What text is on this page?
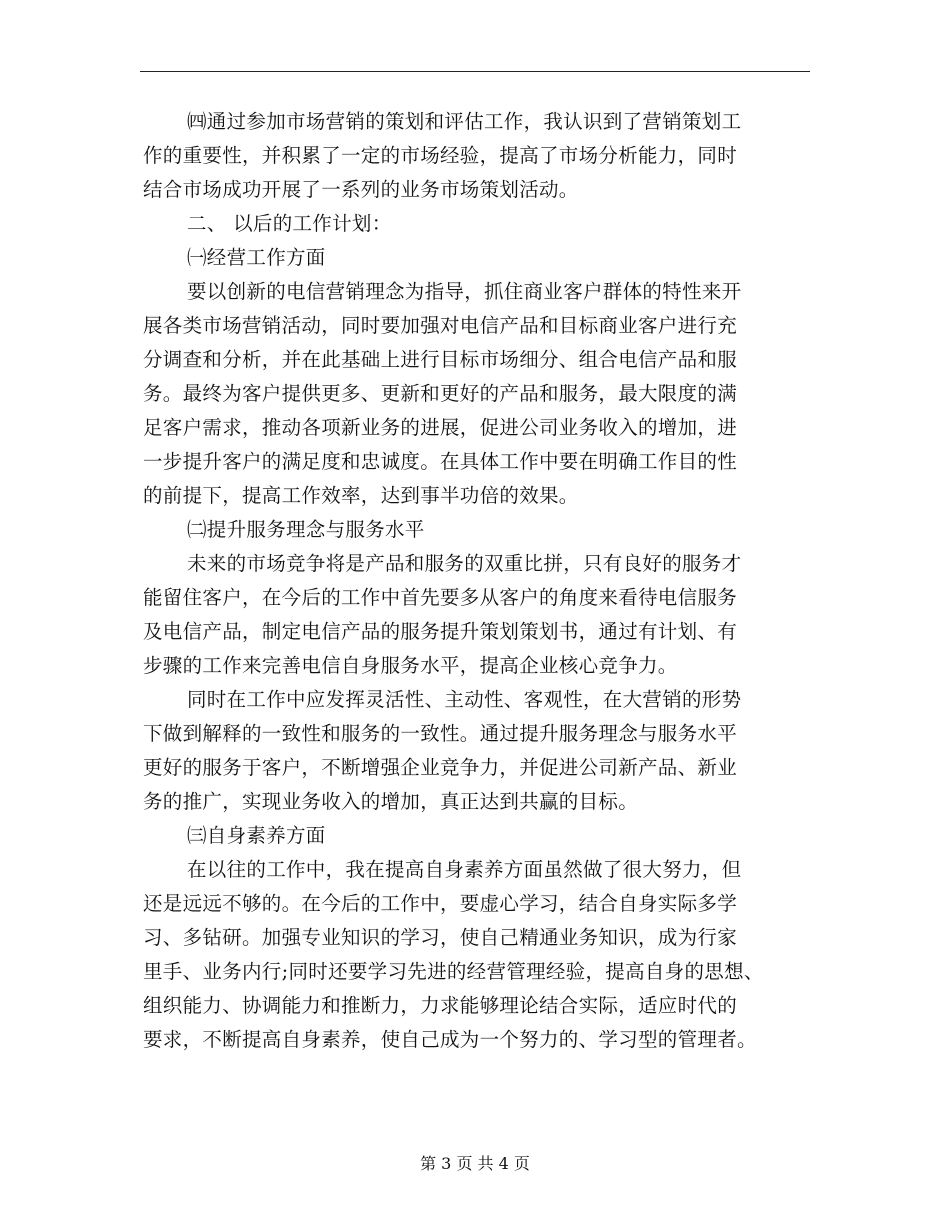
㈣通过参加市场营销的策划和评估工作，我认识到了营销策划工
作的重要性，并积累了一定的市场经验，提高了市场分析能力，同时
结合市场成功开展了一系列的业务市场策划活动。
二、 以后的工作计划：
㈠经营工作方面
要以创新的电信营销理念为指导，抓住商业客户群体的特性来开
展各类市场营销活动，同时要加强对电信产品和目标商业客户进行充
分调查和分析，并在此基础上进行目标市场细分、组合电信产品和服
务。最终为客户提供更多、更新和更好的产品和服务，最大限度的满
足客户需求，推动各项新业务的进展，促进公司业务收入的增加，进
一步提升客户的满足度和忠诚度。在具体工作中要在明确工作目的性
的前提下，提高工作效率，达到事半功倍的效果。
㈡提升服务理念与服务水平
未来的市场竞争将是产品和服务的双重比拼，只有良好的服务才
能留住客户，在今后的工作中首先要多从客户的角度来看待电信服务
及电信产品，制定电信产品的服务提升策划策划书，通过有计划、有
步骤的工作来完善电信自身服务水平，提高企业核心竞争力。
同时在工作中应发挥灵活性、主动性、客观性，在大营销的形势
下做到解释的一致性和服务的一致性。通过提升服务理念与服务水平
更好的服务于客户，不断增强企业竞争力，并促进公司新产品、新业
务的推广，实现业务收入的增加，真正达到共赢的目标。
㈢自身素养方面
在以往的工作中，我在提高自身素养方面虽然做了很大努力，但
还是远远不够的。在今后的工作中，要虚心学习，结合自身实际多学
习、多钻研。加强专业知识的学习，使自己精通业务知识，成为行家
里手、业务内行;同时还要学习先进的经营管理经验，提高自身的思想、
组织能力、协调能力和推断力，力求能够理论结合实际，适应时代的
要求，不断提高自身素养，使自己成为一个努力的、学习型的管理者。
第 3 页 共 4 页
